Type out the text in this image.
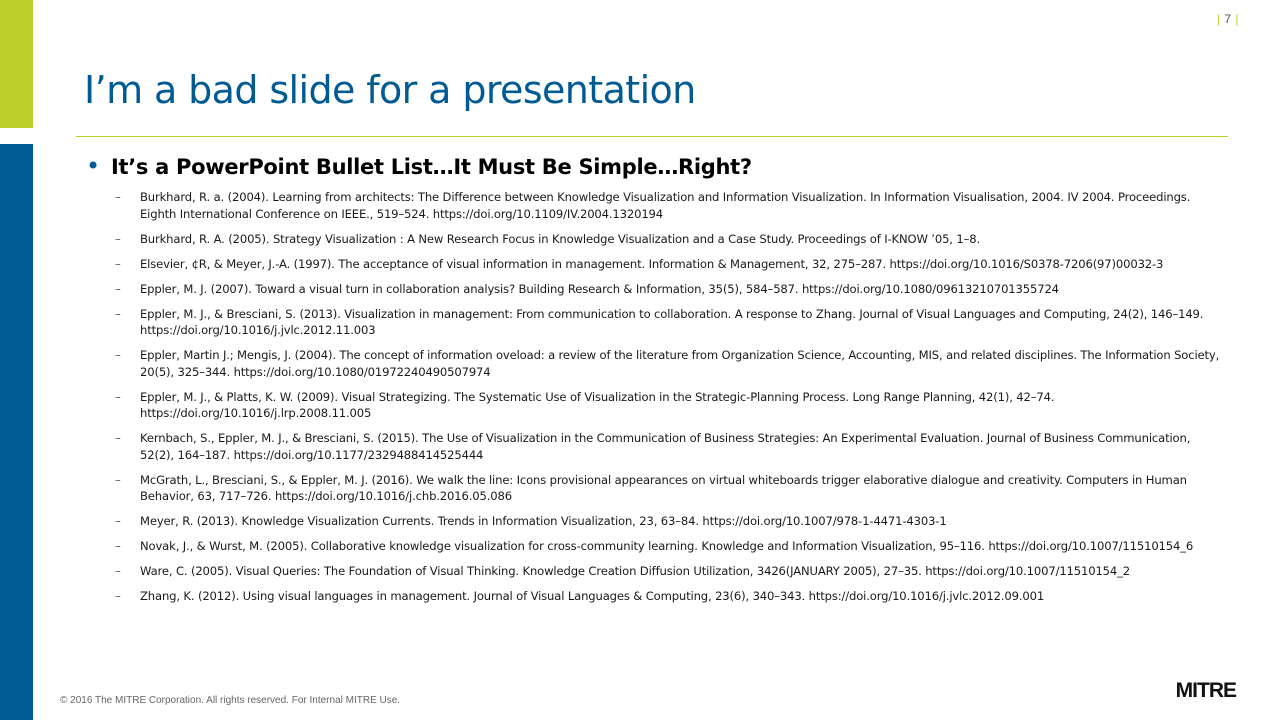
| 7 |
I’m a bad slide for a presentation
• It’s a PowerPoint Bullet List…It Must Be Simple…Right?
– Burkhard, R. a. (2004). Learning from architects: The Difference between Knowledge Visualization and Information Visualization. In Information Visualisation, 2004. IV 2004. Proceedings. Eighth International Conference on IEEE., 519–524. https://doi.org/10.1109/IV.2004.1320194
– Burkhard, R. A. (2005). Strategy Visualization : A New Research Focus in Knowledge Visualization and a Case Study. Proceedings of I-KNOW ’05, 1–8.
– Elsevier, ¢R, & Meyer, J.-A. (1997). The acceptance of visual information in management. Information & Management, 32, 275–287. https://doi.org/10.1016/S0378-7206(97)00032-3
– Eppler, M. J. (2007). Toward a visual turn in collaboration analysis? Building Research & Information, 35(5), 584–587. https://doi.org/10.1080/09613210701355724
– Eppler, M. J., & Bresciani, S. (2013). Visualization in management: From communication to collaboration. A response to Zhang. Journal of Visual Languages and Computing, 24(2), 146–149. https://doi.org/10.1016/j.jvlc.2012.11.003
– Eppler, Martin J.; Mengis, J. (2004). The concept of information oveload: a review of the literature from Organization Science, Accounting, MIS, and related disciplines. The Information Society, 20(5), 325–344. https://doi.org/10.1080/01972240490507974
– Eppler, M. J., & Platts, K. W. (2009). Visual Strategizing. The Systematic Use of Visualization in the Strategic-Planning Process. Long Range Planning, 42(1), 42–74. https://doi.org/10.1016/j.lrp.2008.11.005
– Kernbach, S., Eppler, M. J., & Bresciani, S. (2015). The Use of Visualization in the Communication of Business Strategies: An Experimental Evaluation. Journal of Business Communication, 52(2), 164–187. https://doi.org/10.1177/2329488414525444
– McGrath, L., Bresciani, S., & Eppler, M. J. (2016). We walk the line: Icons provisional appearances on virtual whiteboards trigger elaborative dialogue and creativity. Computers in Human Behavior, 63, 717–726. https://doi.org/10.1016/j.chb.2016.05.086
– Meyer, R. (2013). Knowledge Visualization Currents. Trends in Information Visualization, 23, 63–84. https://doi.org/10.1007/978-1-4471-4303-1
– Novak, J., & Wurst, M. (2005). Collaborative knowledge visualization for cross-community learning. Knowledge and Information Visualization, 95–116. https://doi.org/10.1007/11510154_6
– Ware, C. (2005). Visual Queries: The Foundation of Visual Thinking. Knowledge Creation Diffusion Utilization, 3426(JANUARY 2005), 27–35. https://doi.org/10.1007/11510154_2
– Zhang, K. (2012). Using visual languages in management. Journal of Visual Languages & Computing, 23(6), 340–343. https://doi.org/10.1016/j.jvlc.2012.09.001
© 2016 The MITRE Corporation. All rights reserved. For Internal MITRE Use.	MITRE
